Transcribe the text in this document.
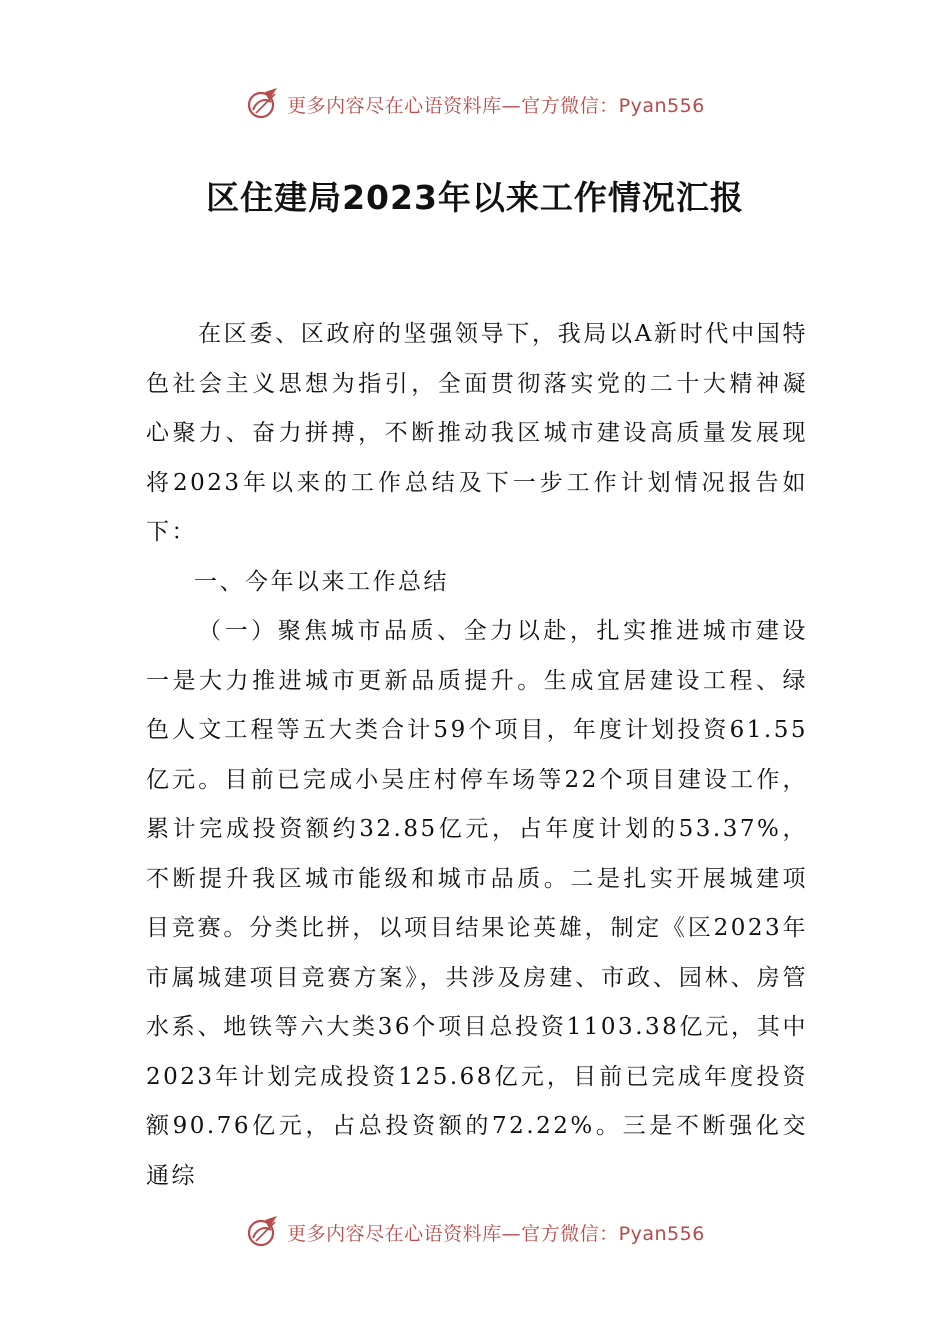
更多内容尽在心语资料库—官方微信：Pyan556
区住建局2023年以来工作情况汇报

在区委、区政府的坚强领导下，我局以A新时代中国特色社会主义思想为指引，全面贯彻落实党的二十大精神凝心聚力、奋力拼搏，不断推动我区城市建设高质量发展现将2023年以来的工作总结及下一步工作计划情况报告如下：

一、今年以来工作总结

（一）聚焦城市品质、全力以赴，扎实推进城市建设一是大力推进城市更新品质提升。生成宜居建设工程、绿色人文工程等五大类合计59个项目，年度计划投资61.55亿元。目前已完成小吴庄村停车场等22个项目建设工作，累计完成投资额约32.85亿元，占年度计划的53.37%，不断提升我区城市能级和城市品质。二是扎实开展城建项目竞赛。分类比拼，以项目结果论英雄，制定《区2023年市属城建项目竞赛方案》，共涉及房建、市政、园林、房管水系、地铁等六大类36个项目总投资1103.38亿元，其中2023年计划完成投资125.68亿元，目前已完成年度投资额90.76亿元，占总投资额的72.22%。三是不断强化交通综

更多内容尽在心语资料库—官方微信：Pyan556
